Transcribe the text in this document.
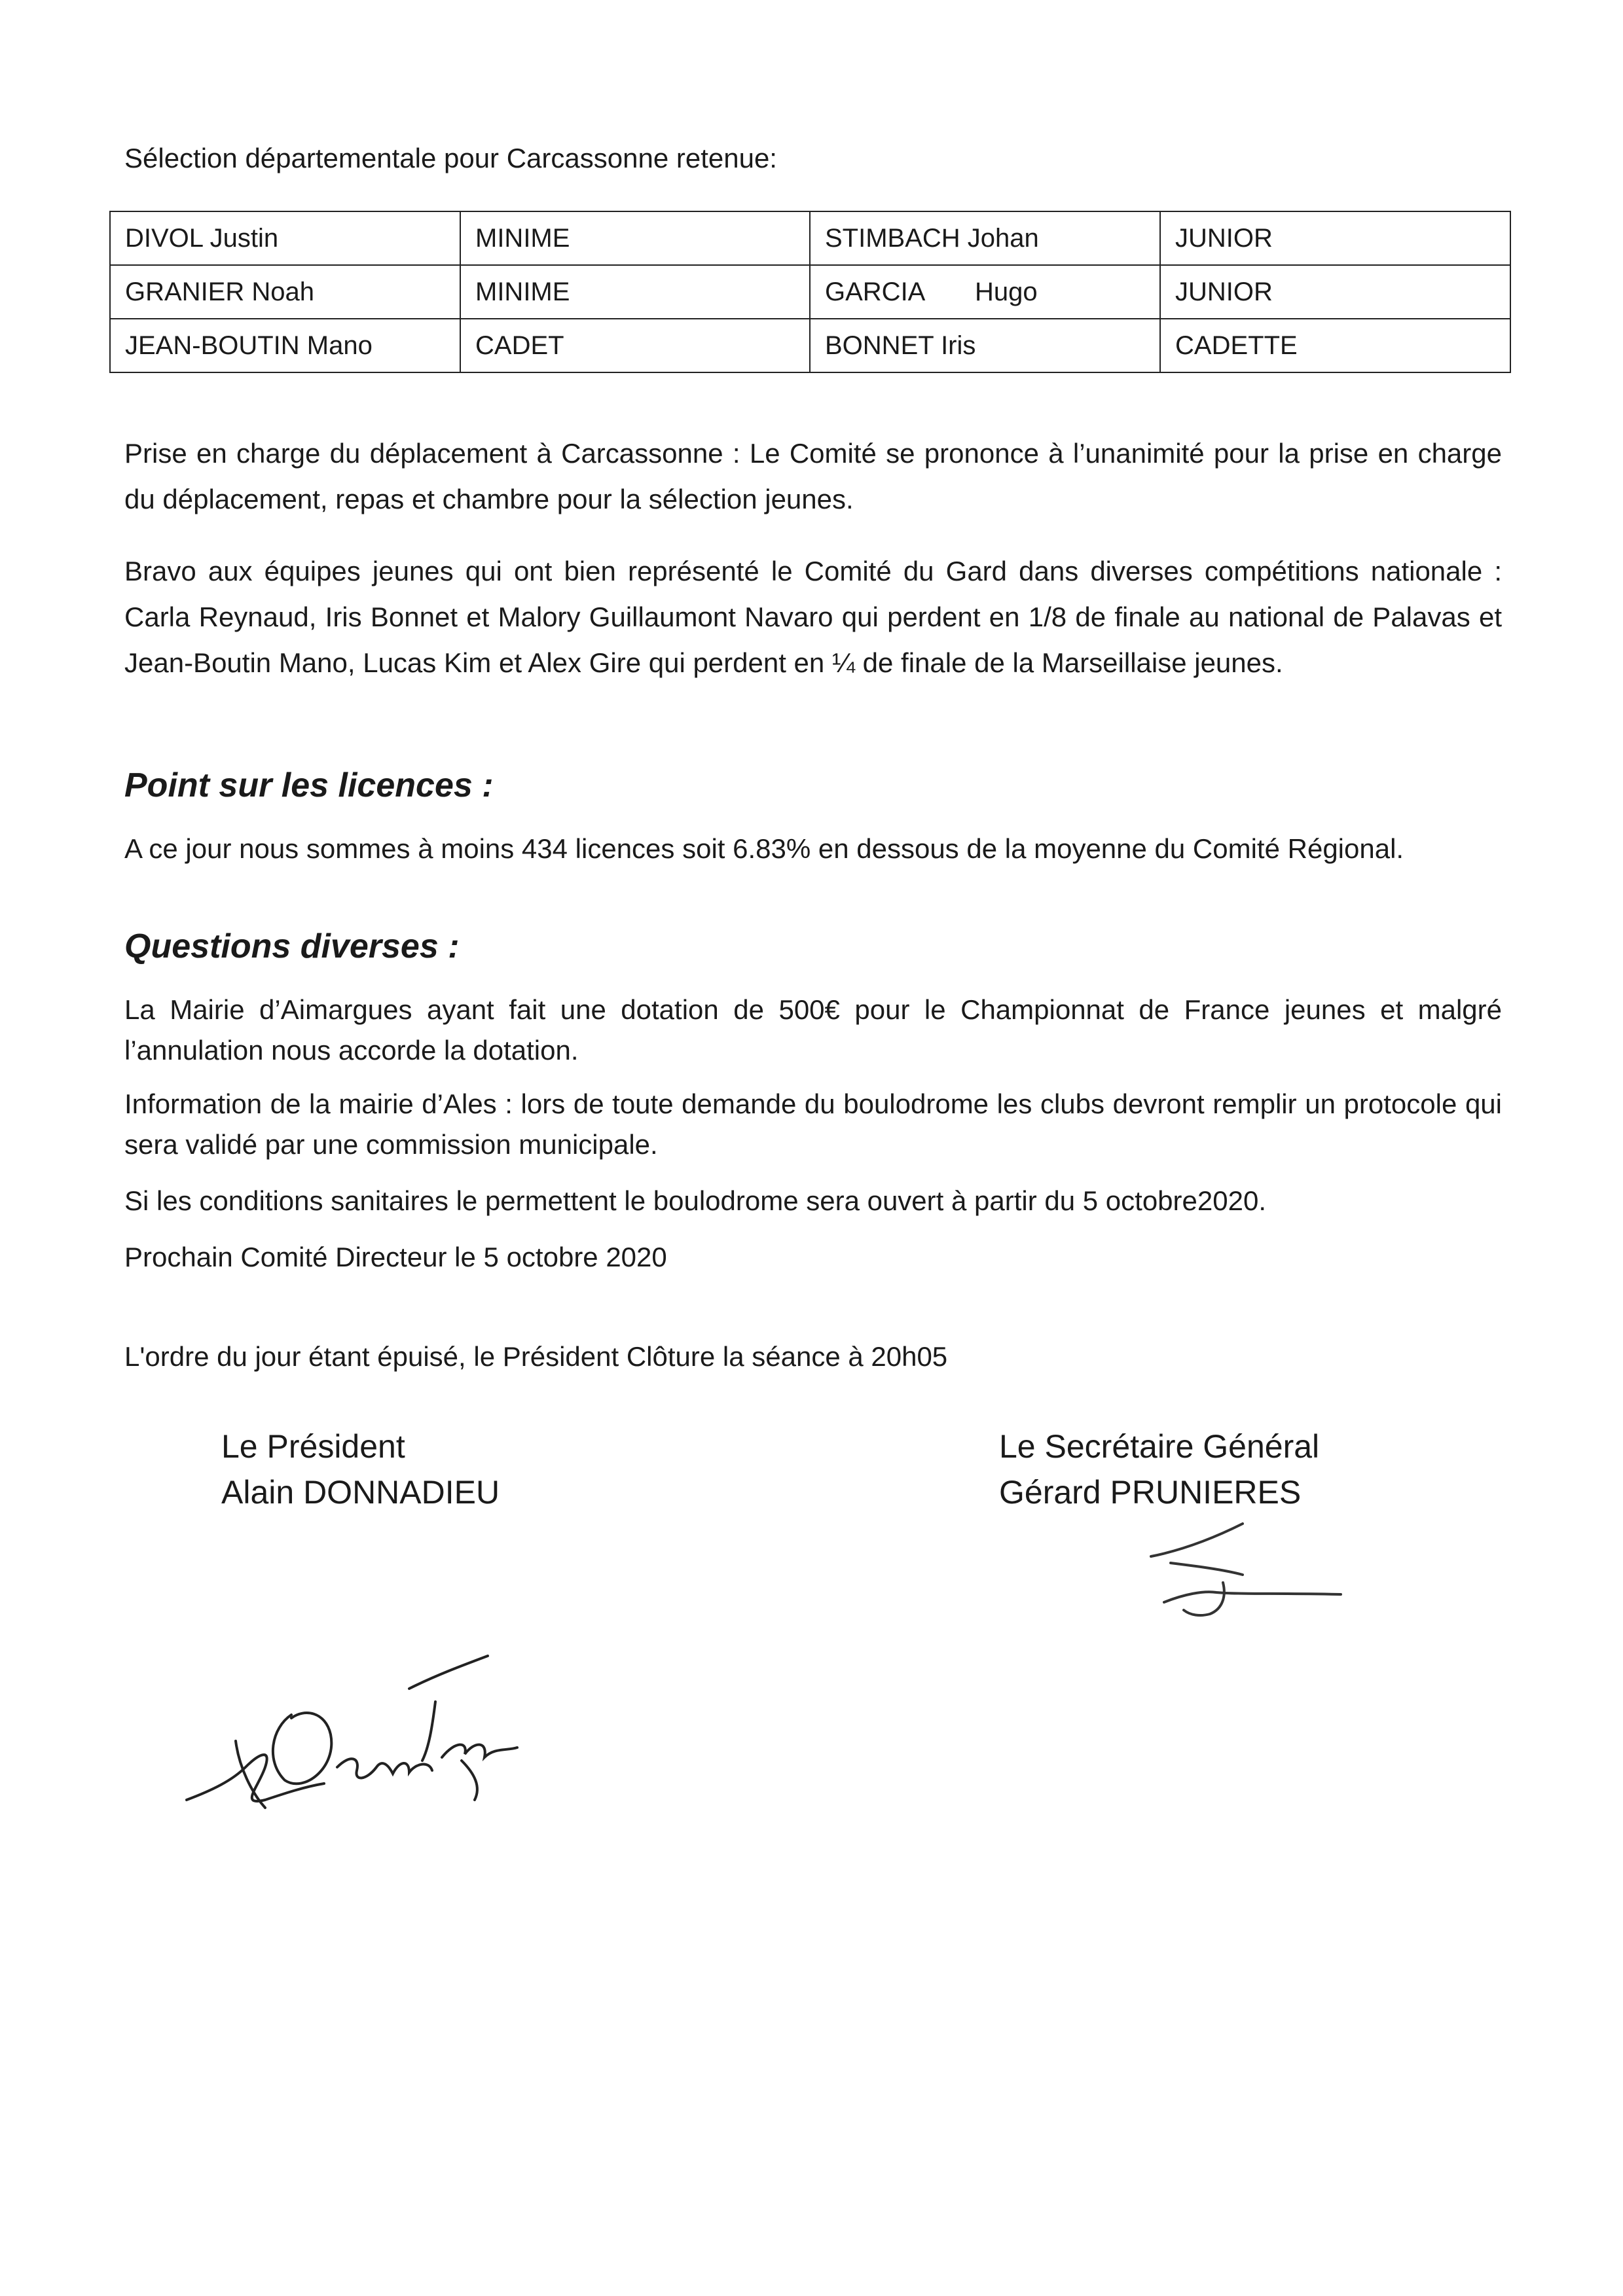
Sélection départementale pour Carcassonne retenue:
DIVOL Justin	MINIME	STIMBACH Johan	JUNIOR
GRANIER Noah	MINIME	GARCIA       Hugo	JUNIOR
JEAN-BOUTIN Mano	CADET	BONNET Iris	CADETTE

Prise en charge du déplacement à Carcassonne : Le Comité se prononce à l’unanimité pour la prise en charge du déplacement, repas et chambre pour la sélection jeunes.

Bravo aux équipes jeunes qui ont bien représenté le Comité du Gard dans diverses compétitions nationale : Carla Reynaud, Iris Bonnet et Malory Guillaumont Navaro qui perdent en 1/8 de finale au national de Palavas et Jean-Boutin Mano, Lucas Kim et Alex Gire qui perdent en ¼ de finale de la Marseillaise jeunes.

Point sur les licences :

A ce jour nous sommes à moins 434 licences soit 6.83% en dessous de la moyenne du Comité Régional.

Questions diverses :

La Mairie d’Aimargues ayant fait une dotation de 500€ pour le Championnat de France jeunes et malgré l’annulation nous accorde la dotation.

Information de la mairie d’Ales : lors de toute demande du boulodrome les clubs devront remplir un protocole qui sera validé par une commission municipale.

Si les conditions sanitaires le permettent le boulodrome sera ouvert à partir du 5 octobre2020.

Prochain Comité Directeur le 5 octobre 2020

L'ordre du jour étant épuisé, le Président Clôture la séance à 20h05

Le Président
Alain DONNADIEU
Le Secrétaire Général
Gérard PRUNIERES
